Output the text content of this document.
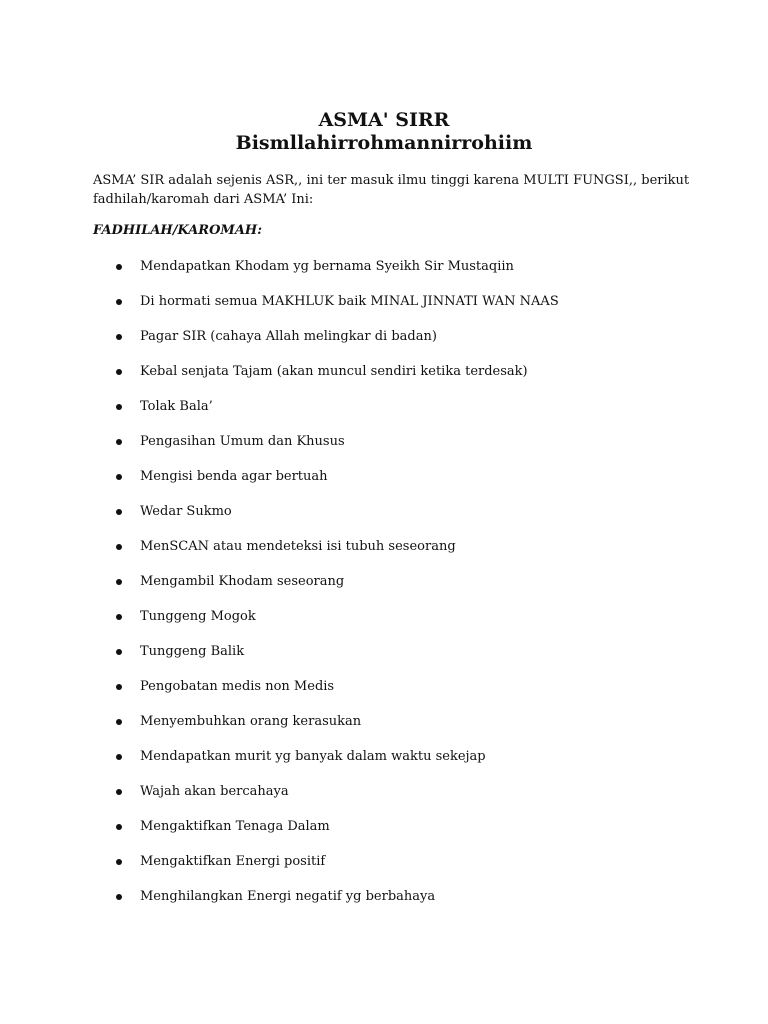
ASMA' SIRR
Bismllahirrohmannirrohiim

ASMA’ SIR adalah sejenis ASR,, ini ter masuk ilmu tinggi karena MULTI FUNGSI,, berikut fadhilah/karomah dari ASMA’ Ini:

FADHILAH/KAROMAH:

Mendapatkan Khodam yg bernama Syeikh Sir Mustaqiin
Di hormati semua MAKHLUK baik MINAL JINNATI WAN NAAS
Pagar SIR (cahaya Allah melingkar di badan)
Kebal senjata Tajam (akan muncul sendiri ketika terdesak)
Tolak Bala’
Pengasihan Umum dan Khusus
Mengisi benda agar bertuah
Wedar Sukmo
MenSCAN atau mendeteksi isi tubuh seseorang
Mengambil Khodam seseorang
Tunggeng Mogok
Tunggeng Balik
Pengobatan medis non Medis
Menyembuhkan orang kerasukan
Mendapatkan murit yg banyak dalam waktu sekejap
Wajah akan bercahaya
Mengaktifkan Tenaga Dalam
Mengaktifkan Energi positif
Menghilangkan Energi negatif yg berbahaya
